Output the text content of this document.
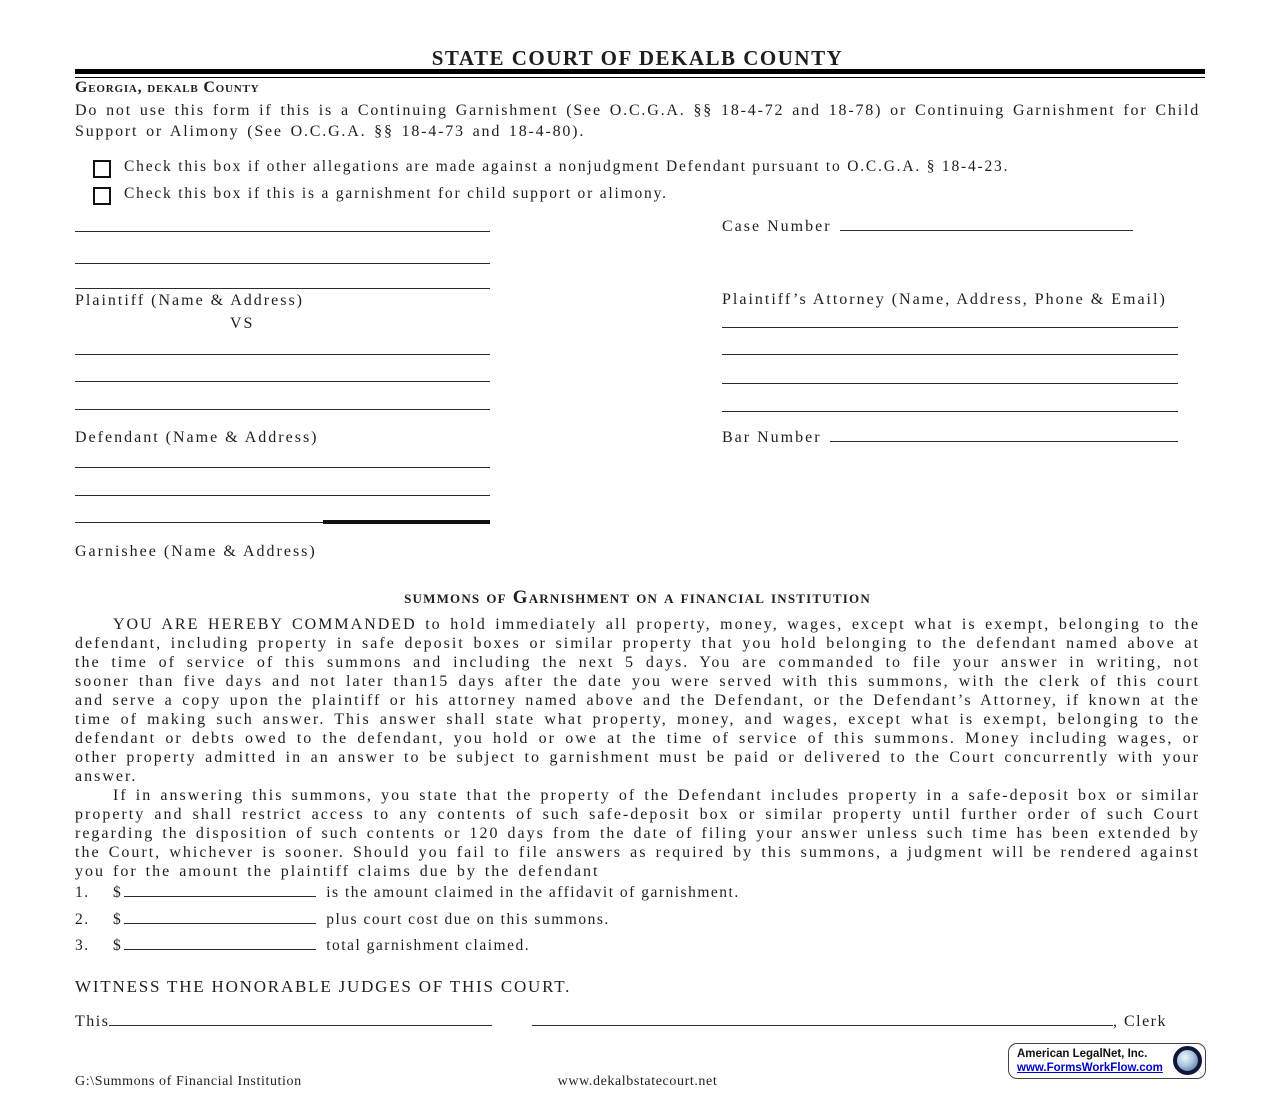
STATE COURT OF DEKALB COUNTY
Georgia, dekalb County

Do not use this form if this is a Continuing Garnishment (See O.C.G.A. §§ 18-4-72 and 18-78) or Continuing Garnishment for Child Support or Alimony (See O.C.G.A. §§ 18-4-73 and 18-4-80).

Check this box if other allegations are made against a nonjudgment Defendant pursuant to O.C.G.A. § 18-4-23.
Check this box if this is a garnishment for child support or alimony.
Plaintiff (Name & Address)
VS
Defendant (Name & Address)
Garnishee (Name & Address)
Case Number
Plaintiff’s Attorney (Name, Address, Phone & Email)
Bar Number
summons of Garnishment on a financial institution

YOU ARE HEREBY COMMANDED to hold immediately all property, money, wages, except what is exempt, belonging to the defendant, including property in safe deposit boxes or similar property that you hold belonging to the defendant named above at the time of service of this summons and including the next 5 days. You are commanded to file your answer in writing, not sooner than five days and not later than15 days after the date you were served with this summons, with the clerk of this court and serve a copy upon the plaintiff or his attorney named above and the Defendant, or the Defendant’s Attorney, if known at the time of making such answer. This answer shall state what property, money, and wages, except what is exempt, belonging to the defendant or debts owed to the defendant, you hold or owe at the time of service of this summons. Money including wages, or other property admitted in an answer to be subject to garnishment must be paid or delivered to the Court concurrently with your answer.

If in answering this summons, you state that the property of the Defendant includes property in a safe-deposit box or similar property and shall restrict access to any contents of such safe-deposit box or similar property until further order of such Court regarding the disposition of such contents or 120 days from the date of filing your answer unless such time has been extended by the Court, whichever is sooner. Should you fail to file answers as required by this summons, a judgment will be rendered against you for the amount the plaintiff claims due by the defendant

1.	$	is the amount claimed in the affidavit of garnishment.
2.	$	plus court cost due on this summons.
3.	$	total garnishment claimed.
WITNESS THE HONORABLE JUDGES OF THIS COURT.
This	, Clerk
American LegalNet, Inc.
www.FormsWorkFlow.com
G:\Summons of Financial Institution	www.dekalbstatecourt.net
